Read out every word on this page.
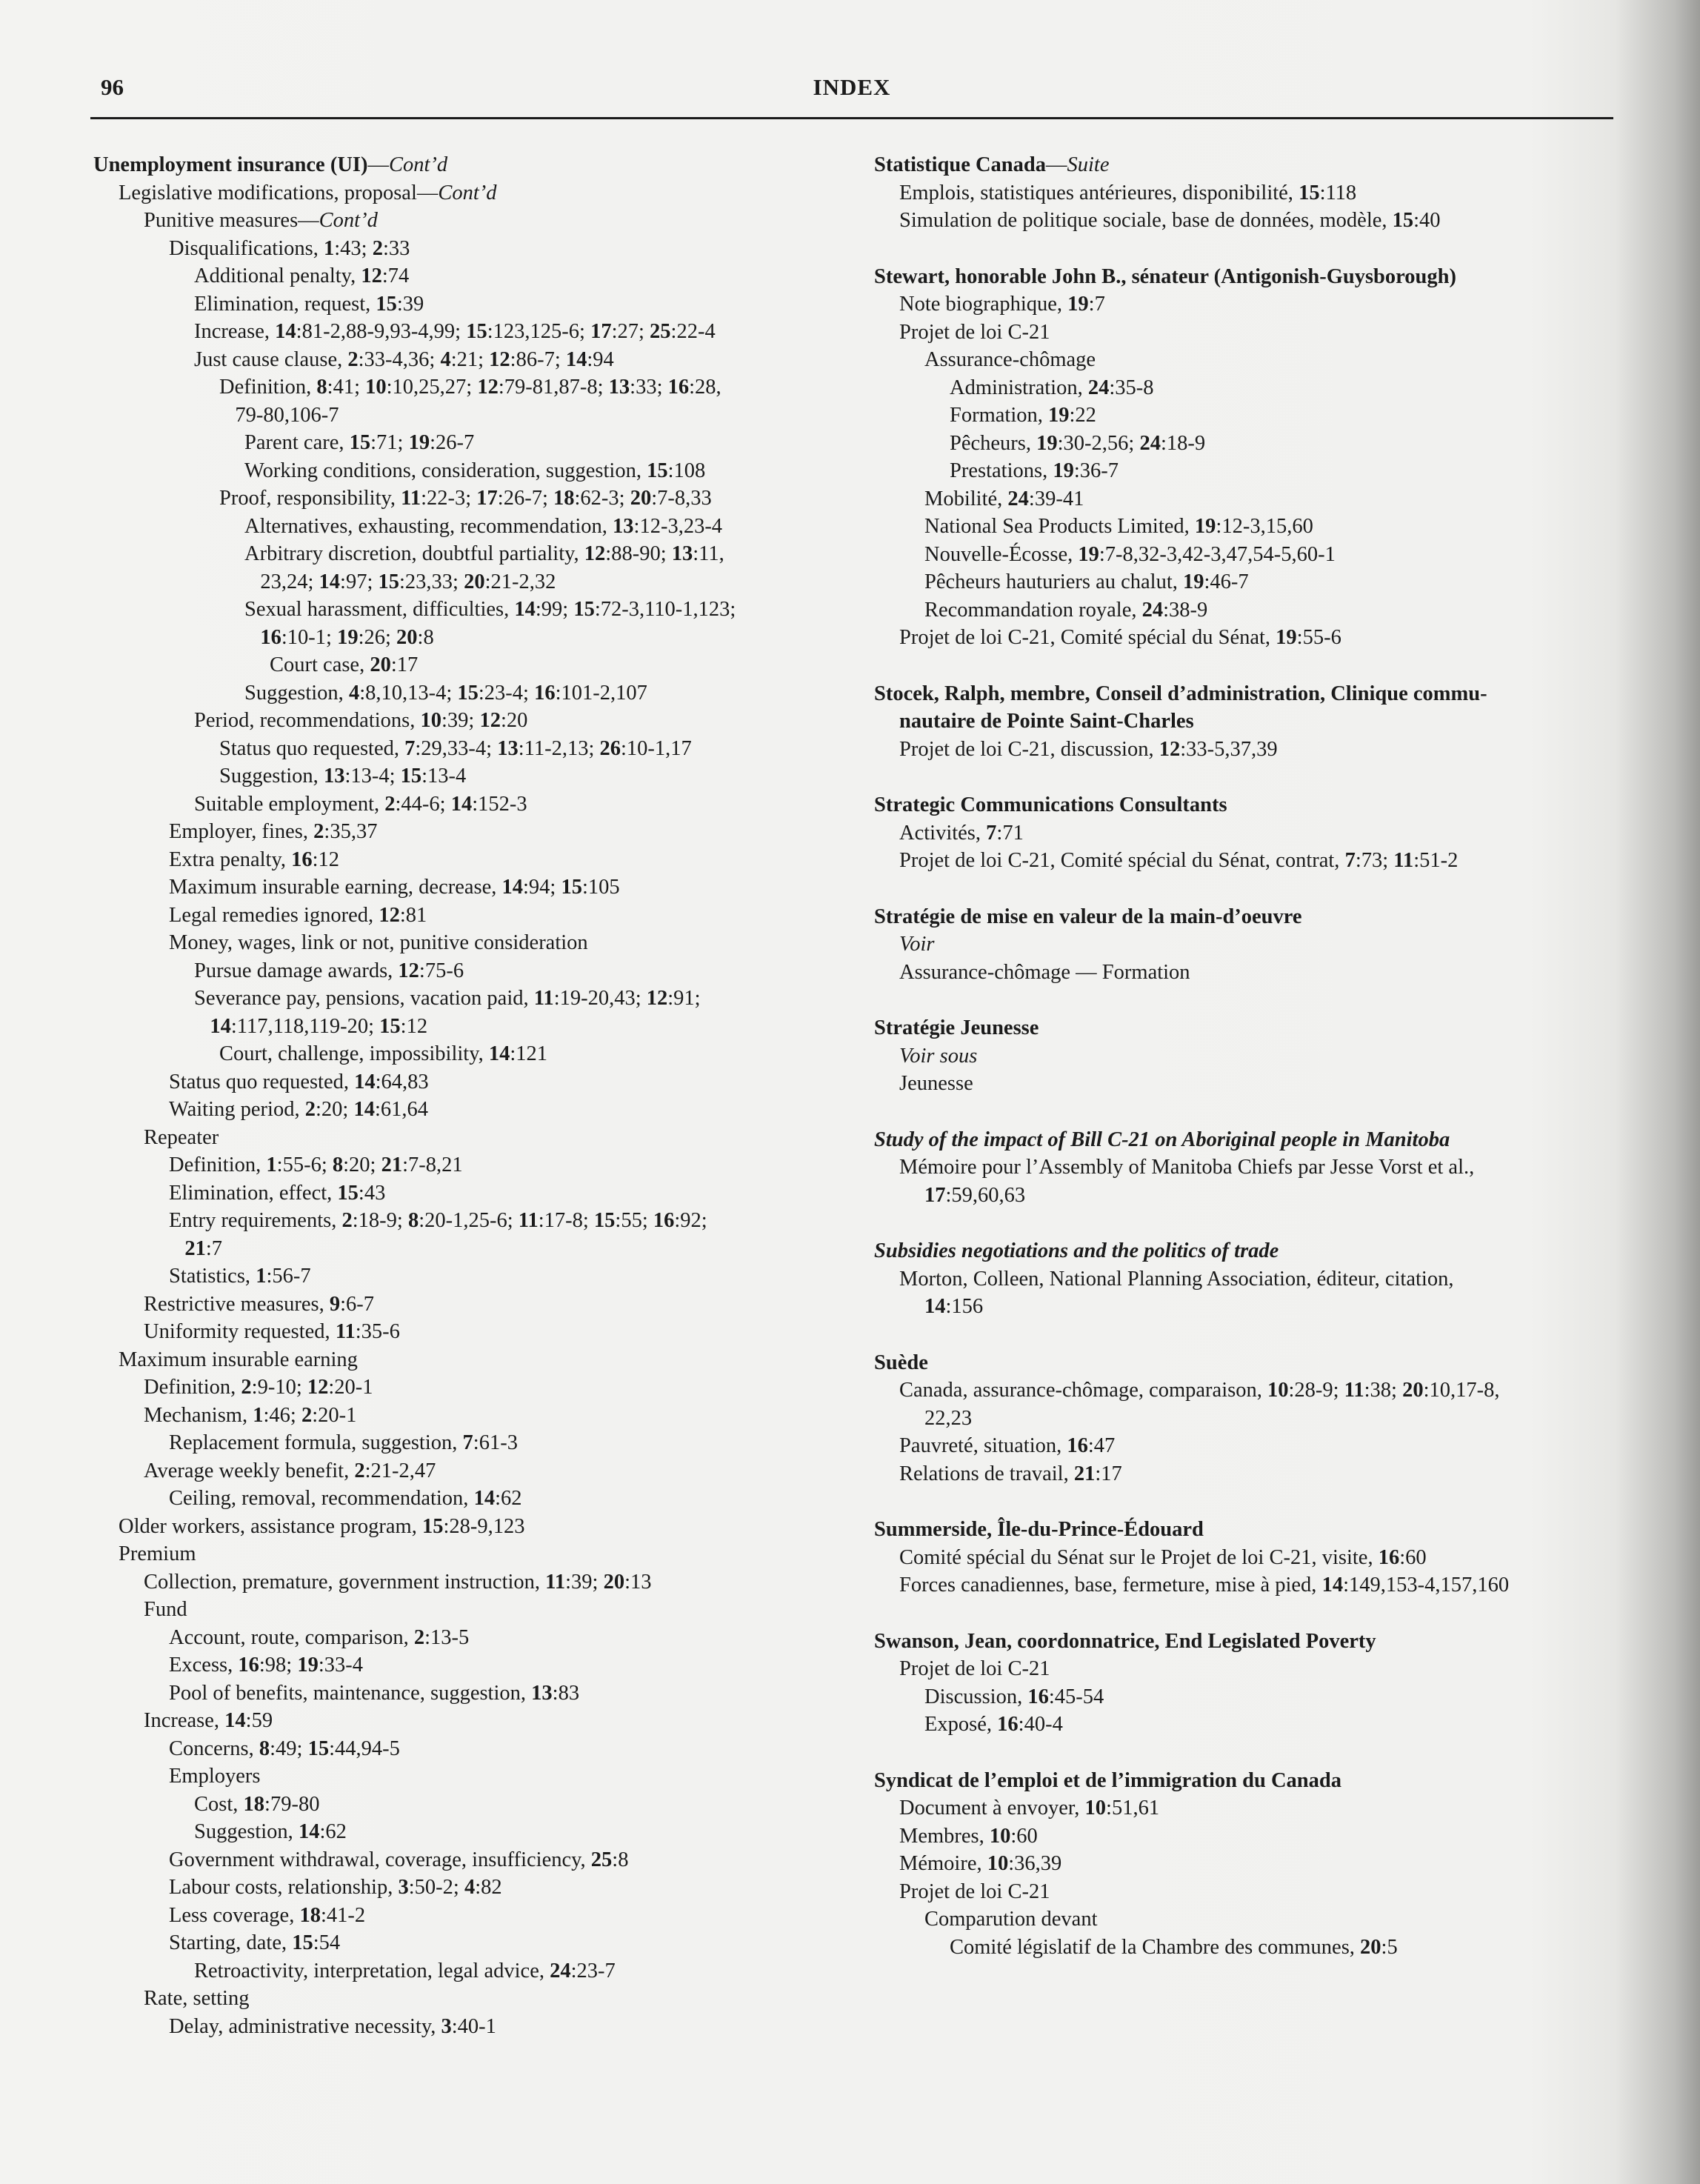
96	INDEX
Unemployment insurance (UI)—Cont’d
Legislative modifications, proposal—Cont’d
Punitive measures—Cont’d
Disqualifications, 1:43; 2:33
Additional penalty, 12:74
Elimination, request, 15:39
Increase, 14:81-2,88-9,93-4,99; 15:123,125-6; 17:27; 25:22-4
Just cause clause, 2:33-4,36; 4:21; 12:86-7; 14:94
Definition, 8:41; 10:10,25,27; 12:79-81,87-8; 13:33; 16:28,
79-80,106-7
Parent care, 15:71; 19:26-7
Working conditions, consideration, suggestion, 15:108
Proof, responsibility, 11:22-3; 17:26-7; 18:62-3; 20:7-8,33
Alternatives, exhausting, recommendation, 13:12-3,23-4
Arbitrary discretion, doubtful partiality, 12:88-90; 13:11,
23,24; 14:97; 15:23,33; 20:21-2,32
Sexual harassment, difficulties, 14:99; 15:72-3,110-1,123;
16:10-1; 19:26; 20:8
Court case, 20:17
Suggestion, 4:8,10,13-4; 15:23-4; 16:101-2,107
Period, recommendations, 10:39; 12:20
Status quo requested, 7:29,33-4; 13:11-2,13; 26:10-1,17
Suggestion, 13:13-4; 15:13-4
Suitable employment, 2:44-6; 14:152-3
Employer, fines, 2:35,37
Extra penalty, 16:12
Maximum insurable earning, decrease, 14:94; 15:105
Legal remedies ignored, 12:81
Money, wages, link or not, punitive consideration
Pursue damage awards, 12:75-6
Severance pay, pensions, vacation paid, 11:19-20,43; 12:91;
14:117,118,119-20; 15:12
Court, challenge, impossibility, 14:121
Status quo requested, 14:64,83
Waiting period, 2:20; 14:61,64
Repeater
Definition, 1:55-6; 8:20; 21:7-8,21
Elimination, effect, 15:43
Entry requirements, 2:18-9; 8:20-1,25-6; 11:17-8; 15:55; 16:92;
21:7
Statistics, 1:56-7
Restrictive measures, 9:6-7
Uniformity requested, 11:35-6
Maximum insurable earning
Definition, 2:9-10; 12:20-1
Mechanism, 1:46; 2:20-1
Replacement formula, suggestion, 7:61-3
Average weekly benefit, 2:21-2,47
Ceiling, removal, recommendation, 14:62
Older workers, assistance program, 15:28-9,123
Premium
Collection, premature, government instruction, 11:39; 20:13
Fund
Account, route, comparison, 2:13-5
Excess, 16:98; 19:33-4
Pool of benefits, maintenance, suggestion, 13:83
Increase, 14:59
Concerns, 8:49; 15:44,94-5
Employers
Cost, 18:79-80
Suggestion, 14:62
Government withdrawal, coverage, insufficiency, 25:8
Labour costs, relationship, 3:50-2; 4:82
Less coverage, 18:41-2
Starting, date, 15:54
Retroactivity, interpretation, legal advice, 24:23-7
Rate, setting
Delay, administrative necessity, 3:40-1
Statistique Canada—Suite
Emplois, statistiques antérieures, disponibilité, 15:118
Simulation de politique sociale, base de données, modèle, 15:40
Stewart, honorable John B., sénateur (Antigonish-Guysborough)
Note biographique, 19:7
Projet de loi C-21
Assurance-chômage
Administration, 24:35-8
Formation, 19:22
Pêcheurs, 19:30-2,56; 24:18-9
Prestations, 19:36-7
Mobilité, 24:39-41
National Sea Products Limited, 19:12-3,15,60
Nouvelle-Écosse, 19:7-8,32-3,42-3,47,54-5,60-1
Pêcheurs hauturiers au chalut, 19:46-7
Recommandation royale, 24:38-9
Projet de loi C-21, Comité spécial du Sénat, 19:55-6
Stocek, Ralph, membre, Conseil d’administration, Clinique commu-
nautaire de Pointe Saint-Charles
Projet de loi C-21, discussion, 12:33-5,37,39
Strategic Communications Consultants
Activités, 7:71
Projet de loi C-21, Comité spécial du Sénat, contrat, 7:73; 11:51-2
Stratégie de mise en valeur de la main-d’oeuvre
Voir
Assurance-chômage — Formation
Stratégie Jeunesse
Voir sous
Jeunesse
Study of the impact of Bill C-21 on Aboriginal people in Manitoba
Mémoire pour l’Assembly of Manitoba Chiefs par Jesse Vorst et al.,
17:59,60,63
Subsidies negotiations and the politics of trade
Morton, Colleen, National Planning Association, éditeur, citation,
14:156
Suède
Canada, assurance-chômage, comparaison, 10:28-9; 11:38; 20:10,17-8,
22,23
Pauvreté, situation, 16:47
Relations de travail, 21:17
Summerside, Île-du-Prince-Édouard
Comité spécial du Sénat sur le Projet de loi C-21, visite, 16:60
Forces canadiennes, base, fermeture, mise à pied, 14:149,153-4,157,160
Swanson, Jean, coordonnatrice, End Legislated Poverty
Projet de loi C-21
Discussion, 16:45-54
Exposé, 16:40-4
Syndicat de l’emploi et de l’immigration du Canada
Document à envoyer, 10:51,61
Membres, 10:60
Mémoire, 10:36,39
Projet de loi C-21
Comparution devant
Comité législatif de la Chambre des communes, 20:5
